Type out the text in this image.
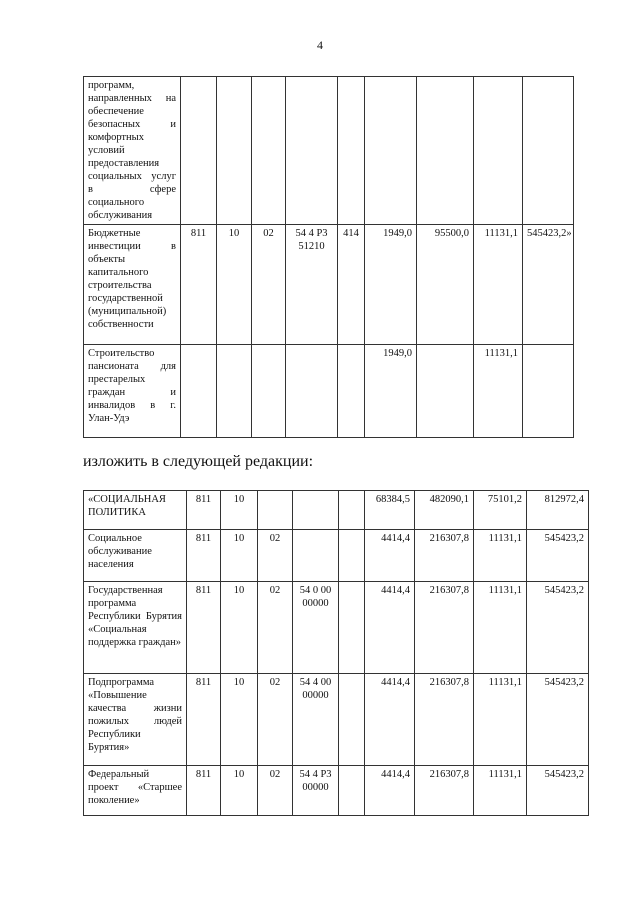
4
программ, направленных на обеспечение безопасных и комфортных условий предоставления социальных услуг в сфере социального обслуживания									
Бюджетные инвестиции в объекты капитального строительства государственной (муниципальной) собственности	811	10	02	54 4 Р3 51210	414	1949,0	95500,0	11131,1	545423,2»
Строительство пансионата для престарелых граждан и инвалидов в г. Улан-Удэ						1949,0		11131,1	
изложить в следующей редакции:
«СОЦИАЛЬНАЯ ПОЛИТИКА	811	10				68384,5	482090,1	75101,2	812972,4
Социальное обслуживание населения	811	10	02			4414,4	216307,8	11131,1	545423,2
Государственная программа Республики Бурятия «Социальная поддержка граждан»	811	10	02	54 0 00 00000		4414,4	216307,8	11131,1	545423,2
Подпрограмма «Повышение качества жизни пожилых людей Республики Бурятия»	811	10	02	54 4 00 00000		4414,4	216307,8	11131,1	545423,2
Федеральный проект «Старшее поколение»	811	10	02	54 4 Р3 00000		4414,4	216307,8	11131,1	545423,2
